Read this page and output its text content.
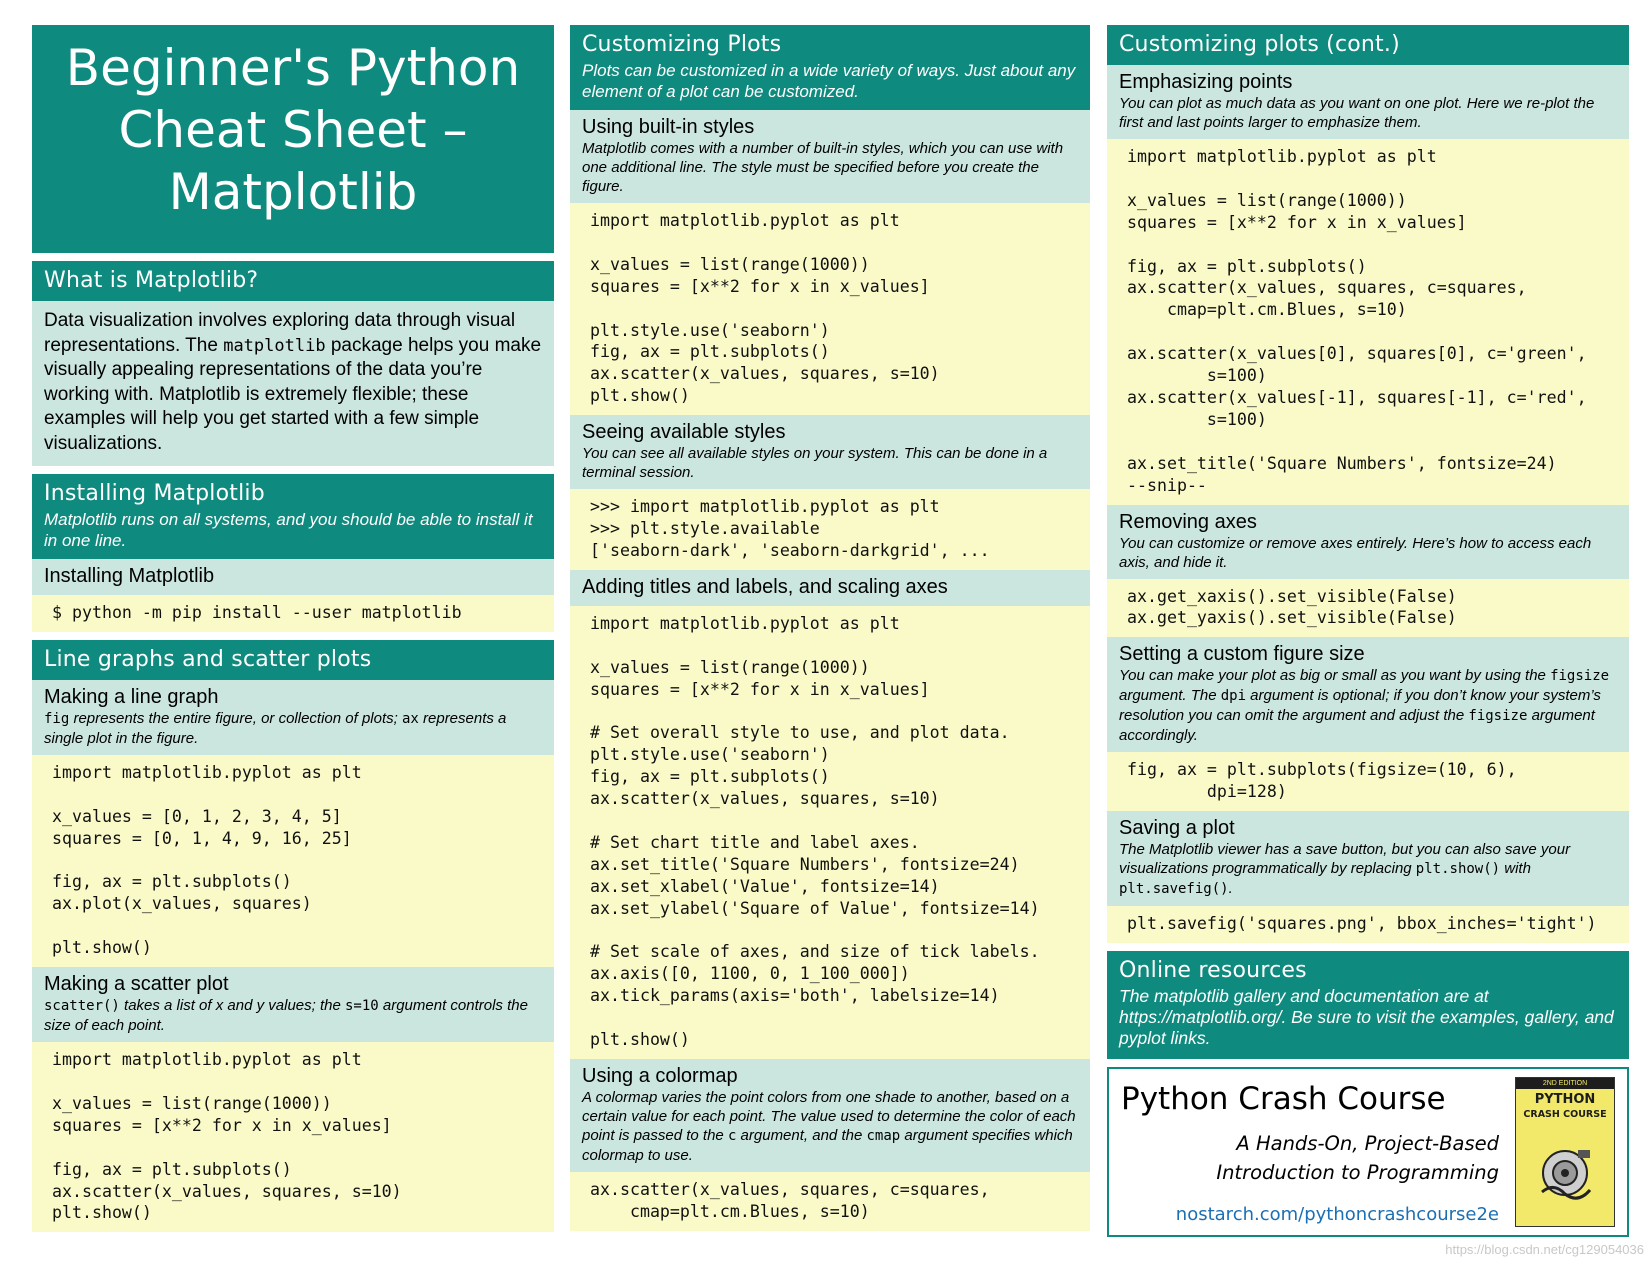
Beginner's Python
Cheat Sheet –
Matplotlib
What is Matplotlib?
Data visualization involves exploring data through visual representations. The matplotlib package helps you make visually appealing representations of the data you’re working with. Matplotlib is extremely flexible; these examples will help you get started with a few simple visualizations.
Installing Matplotlib
Matplotlib runs on all systems, and you should be able to install it in one line.
Installing Matplotlib
$ python -m pip install --user matplotlib
Line graphs and scatter plots
Making a line graph
fig represents the entire figure, or collection of plots; ax represents a single plot in the figure.
import matplotlib.pyplot as plt

x_values = [0, 1, 2, 3, 4, 5]
squares = [0, 1, 4, 9, 16, 25]

fig, ax = plt.subplots()
ax.plot(x_values, squares)

plt.show()
Making a scatter plot
scatter() takes a list of x and y values; the s=10 argument controls the size of each point.
import matplotlib.pyplot as plt

x_values = list(range(1000))
squares = [x**2 for x in x_values]

fig, ax = plt.subplots()
ax.scatter(x_values, squares, s=10)
plt.show()
Customizing Plots
Plots can be customized in a wide variety of ways. Just about any element of a plot can be customized.
Using built-in styles
Matplotlib comes with a number of built-in styles, which you can use with one additional line. The style must be specified before you create the figure.
import matplotlib.pyplot as plt

x_values = list(range(1000))
squares = [x**2 for x in x_values]

plt.style.use('seaborn')
fig, ax = plt.subplots()
ax.scatter(x_values, squares, s=10)
plt.show()
Seeing available styles
You can see all available styles on your system. This can be done in a terminal session.
>>> import matplotlib.pyplot as plt
>>> plt.style.available
['seaborn-dark', 'seaborn-darkgrid', ...
Adding titles and labels, and scaling axes
import matplotlib.pyplot as plt

x_values = list(range(1000))
squares = [x**2 for x in x_values]

# Set overall style to use, and plot data.
plt.style.use('seaborn')
fig, ax = plt.subplots()
ax.scatter(x_values, squares, s=10)

# Set chart title and label axes.
ax.set_title('Square Numbers', fontsize=24)
ax.set_xlabel('Value', fontsize=14)
ax.set_ylabel('Square of Value', fontsize=14)

# Set scale of axes, and size of tick labels.
ax.axis([0, 1100, 0, 1_100_000])
ax.tick_params(axis='both', labelsize=14)

plt.show()
Using a colormap
A colormap varies the point colors from one shade to another, based on a certain value for each point. The value used to determine the color of each point is passed to the c argument, and the cmap argument specifies which colormap to use.
ax.scatter(x_values, squares, c=squares,
cmap=plt.cm.Blues, s=10)
Customizing plots (cont.)
Emphasizing points
You can plot as much data as you want on one plot. Here we re-plot the first and last points larger to emphasize them.
import matplotlib.pyplot as plt

x_values = list(range(1000))
squares = [x**2 for x in x_values]

fig, ax = plt.subplots()
ax.scatter(x_values, squares, c=squares,
cmap=plt.cm.Blues, s=10)

ax.scatter(x_values[0], squares[0], c='green',
s=100)
ax.scatter(x_values[-1], squares[-1], c='red',
s=100)

ax.set_title('Square Numbers', fontsize=24)
--snip--
Removing axes
You can customize or remove axes entirely. Here’s how to access each axis, and hide it.
ax.get_xaxis().set_visible(False)
ax.get_yaxis().set_visible(False)
Setting a custom figure size
You can make your plot as big or small as you want by using the figsize argument. The dpi argument is optional; if you don’t know your system’s resolution you can omit the argument and adjust the figsize argument accordingly.
fig, ax = plt.subplots(figsize=(10, 6),
dpi=128)
Saving a plot
The Matplotlib viewer has a save button, but you can also save your visualizations programmatically by replacing plt.show() with plt.savefig().
plt.savefig('squares.png', bbox_inches='tight')
Online resources
The matplotlib gallery and documentation are at https://matplotlib.org/. Be sure to visit the examples, gallery, and pyplot links.
Python Crash Course
A Hands-On, Project-Based
Introduction to Programming
nostarch.com/pythoncrashcourse2e
2ND EDITION
PYTHON
CRASH COURSE
https://blog.csdn.net/cg129054036
